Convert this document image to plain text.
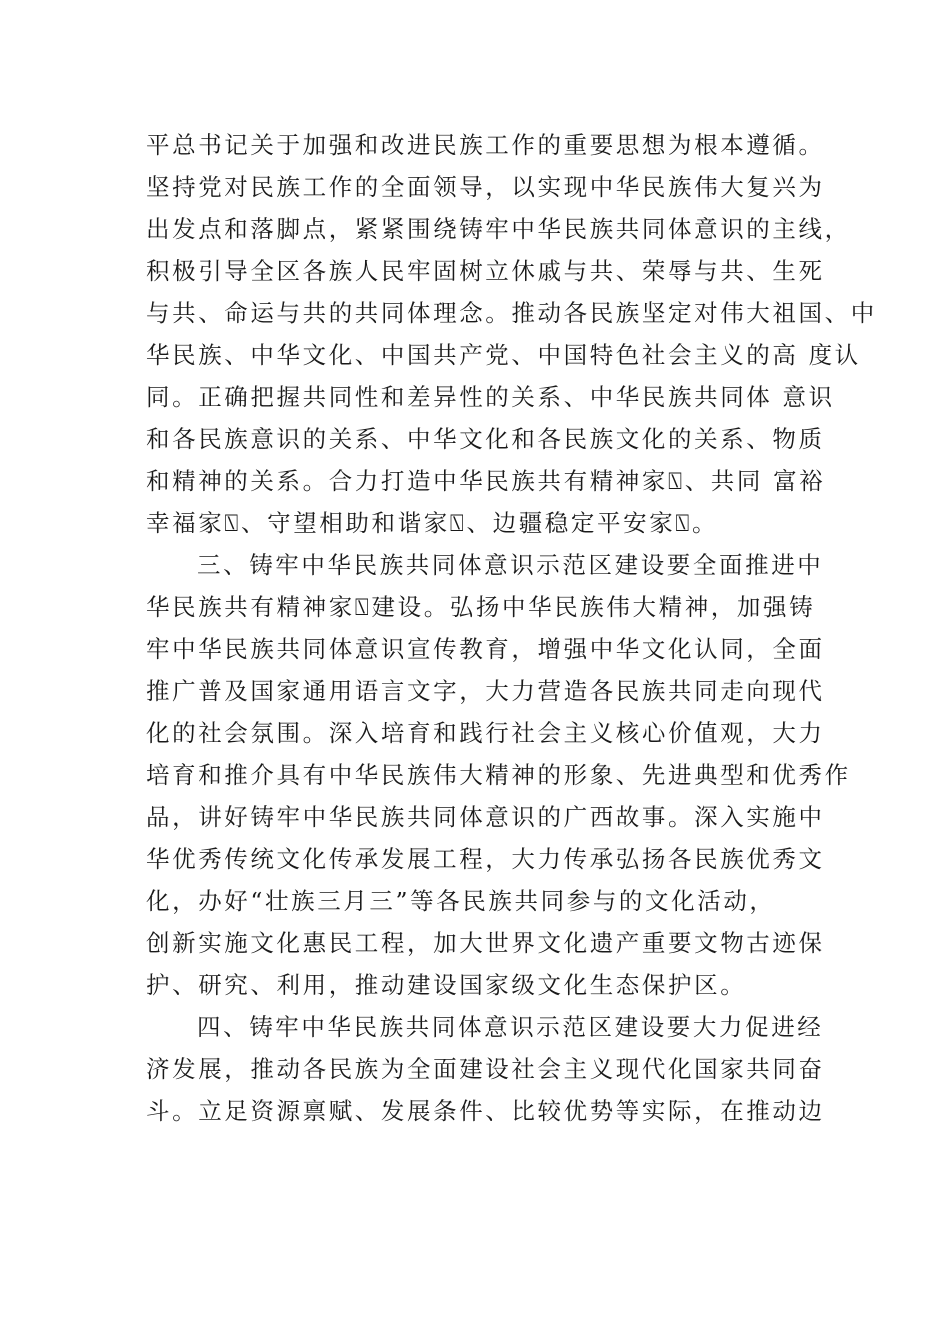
平总书记关于加强和改进民族工作的重要思想为根本遵循。
坚持党对民族工作的全面领导，以实现中华民族伟大复兴为
出发点和落脚点，紧紧围绕铸牢中华民族共同体意识的主线，
积极引导全区各族人民牢固树立休戚与共、荣辱与共、生死
与共、命运与共的共同体理念。推动各民族坚定对伟大祖国、中
华民族、中华文化、中国共产党、中国特色社会主义的高 度认
同。正确把握共同性和差异性的关系、中华民族共同体 意识
和各民族意识的关系、中华文化和各民族文化的关系、物质
和精神的关系。合力打造中华民族共有精神家⍂、共同 富裕
幸福家⍂、守望相助和谐家⍂、边疆稳定平安家⍂。
三、铸牢中华民族共同体意识示范区建设要全面推进中
华民族共有精神家⍂建设。弘扬中华民族伟大精神，加强铸
牢中华民族共同体意识宣传教育，增强中华文化认同，全面
推广普及国家通用语言文字，大力营造各民族共同走向现代
化的社会氛围。深入培育和践行社会主义核心价值观，大力
培育和推介具有中华民族伟大精神的形象、先进典型和优秀作
品，讲好铸牢中华民族共同体意识的广西故事。深入实施中
华优秀传统文化传承发展工程，大力传承弘扬各民族优秀文
化，办好“壮族三月三”等各民族共同参与的文化活动，
创新实施文化惠民工程，加大世界文化遗产重要文物古迹保
护、研究、利用，推动建设国家级文化生态保护区。
四、铸牢中华民族共同体意识示范区建设要大力促进经
济发展，推动各民族为全面建设社会主义现代化国家共同奋
斗。立足资源禀赋、发展条件、比较优势等实际，在推动边
